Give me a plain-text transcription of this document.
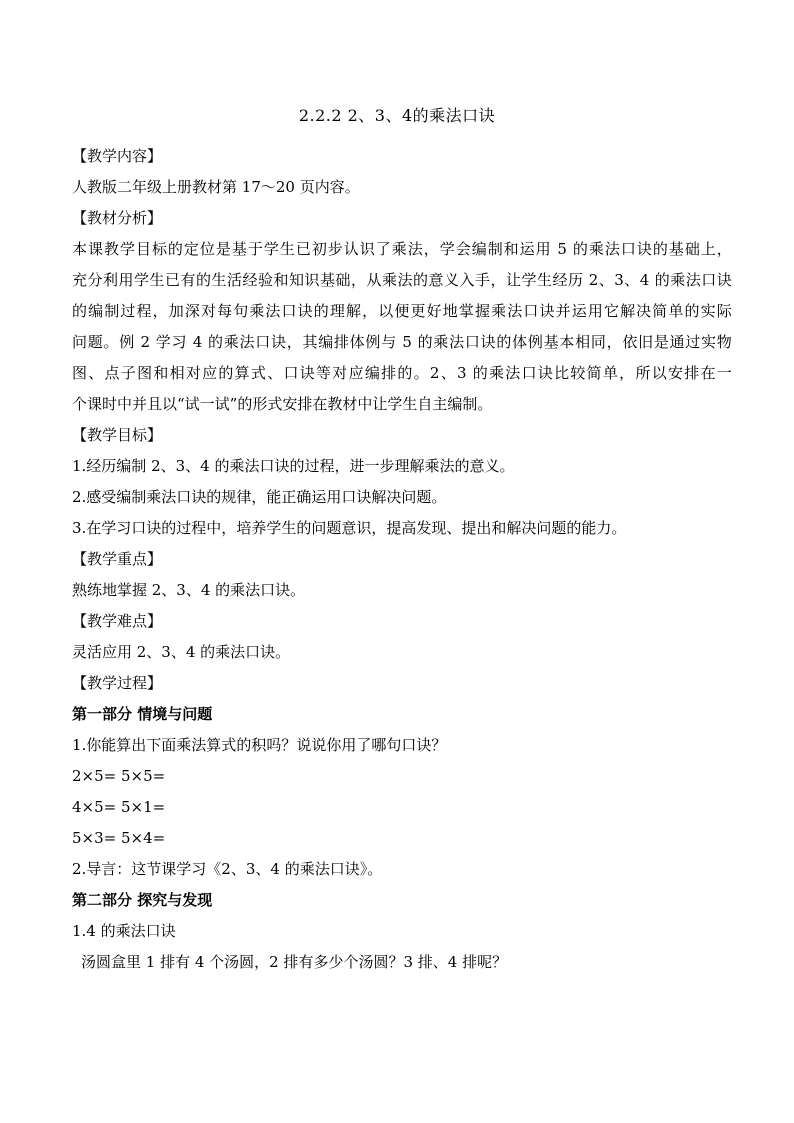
2.2.2 2、3、4的乘法口诀
【教学内容】
人教版二年级上册教材第 17～20 页内容。
【教材分析】
本课教学目标的定位是基于学生已初步认识了乘法，学会编制和运用 5 的乘法口诀的基础上，
充分利用学生已有的生活经验和知识基础，从乘法的意义入手，让学生经历 2、3、4 的乘法口诀
的编制过程，加深对每句乘法口诀的理解，以便更好地掌握乘法口诀并运用它解决简单的实际
问题。例 2 学习 4 的乘法口诀，其编排体例与 5 的乘法口诀的体例基本相同，依旧是通过实物
图、点子图和相对应的算式、口诀等对应编排的。2、3 的乘法口诀比较简单，所以安排在一
个课时中并且以“试一试”的形式安排在教材中让学生自主编制。
【教学目标】
1.经历编制 2、3、4 的乘法口诀的过程，进一步理解乘法的意义。
2.感受编制乘法口诀的规律，能正确运用口诀解决问题。
3.在学习口诀的过程中，培养学生的问题意识，提高发现、提出和解决问题的能力。
【教学重点】
熟练地掌握 2、3、4 的乘法口诀。
【教学难点】
灵活应用 2、3、4 的乘法口诀。
【教学过程】
第一部分 情境与问题
1.你能算出下面乘法算式的积吗？说说你用了哪句口诀？
2×5= 5×5=
4×5= 5×1=
5×3= 5×4=
2.导言：这节课学习《2、3、4 的乘法口诀》。
第二部分 探究与发现
1.4 的乘法口诀
汤圆盒里 1 排有 4 个汤圆，2 排有多少个汤圆？3 排、4 排呢？
